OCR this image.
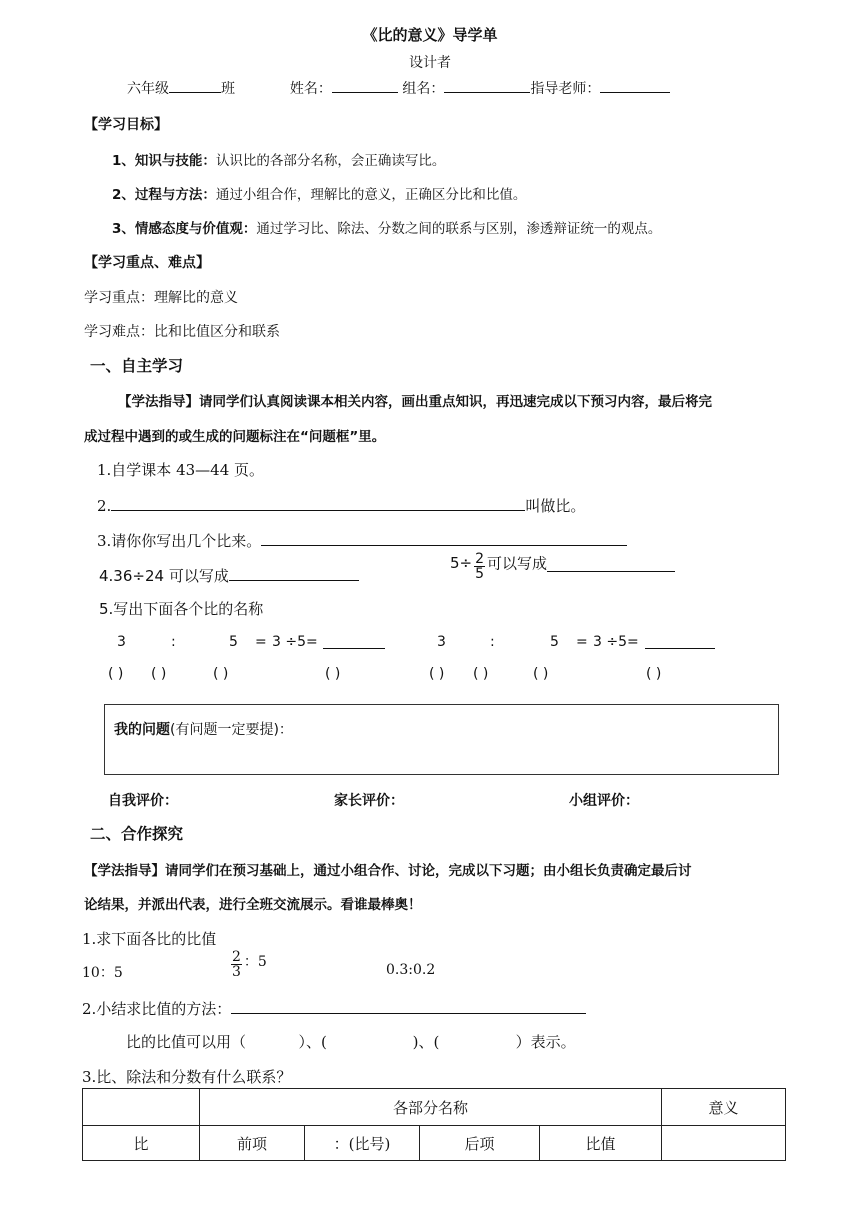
《比的意义》导学单
设计者
六年级	班	姓名：	组名：	指导老师：
【学习目标】
1、知识与技能：认识比的各部分名称，会正确读写比。
2、过程与方法：通过小组合作，理解比的意义，正确区分比和比值。
3、情感态度与价值观：通过学习比、除法、分数之间的联系与区别，渗透辩证统一的观点。
【学习重点、难点】
学习重点：理解比的意义
学习难点：比和比值区分和联系
一、自主学习
【学法指导】请同学们认真阅读课本相关内容，画出重点知识，再迅速完成以下预习内容，最后将完
成过程中遇到的或生成的问题标注在“问题框”里。
1.自学课本 43—44 页。
2.	叫做比。
3.请你你写出几个比来。
4.36÷24 可以写成
$5\div \frac{2}{5}$ 可以写成
5.写出下面各个比的名称
3	:	5 = 3 ÷5=	3	:	5 = 3 ÷5=
( ) ( )	( )	( )	( ) ( )	( )	( )
我的问题(有问题一定要提)：
自我评价：	家长评价：	小组评价：
二、合作探究
【学法指导】请同学们在预习基础上，通过小组合作、讨论，完成以下习题；由小组长负责确定最后讨
论结果，并派出代表，进行全班交流展示。看谁最棒奥！
1.求下面各比的比值
10：5
$\frac{2}{3}$ ：5	0.3:0.2
2.小结求比值的方法：
比的比值可以用（           ）、(                  )、(                ）表示。
3.比、除法和分数有什么联系？
	各部分名称				意义
比	前项	：(比号)	后项	比值	
